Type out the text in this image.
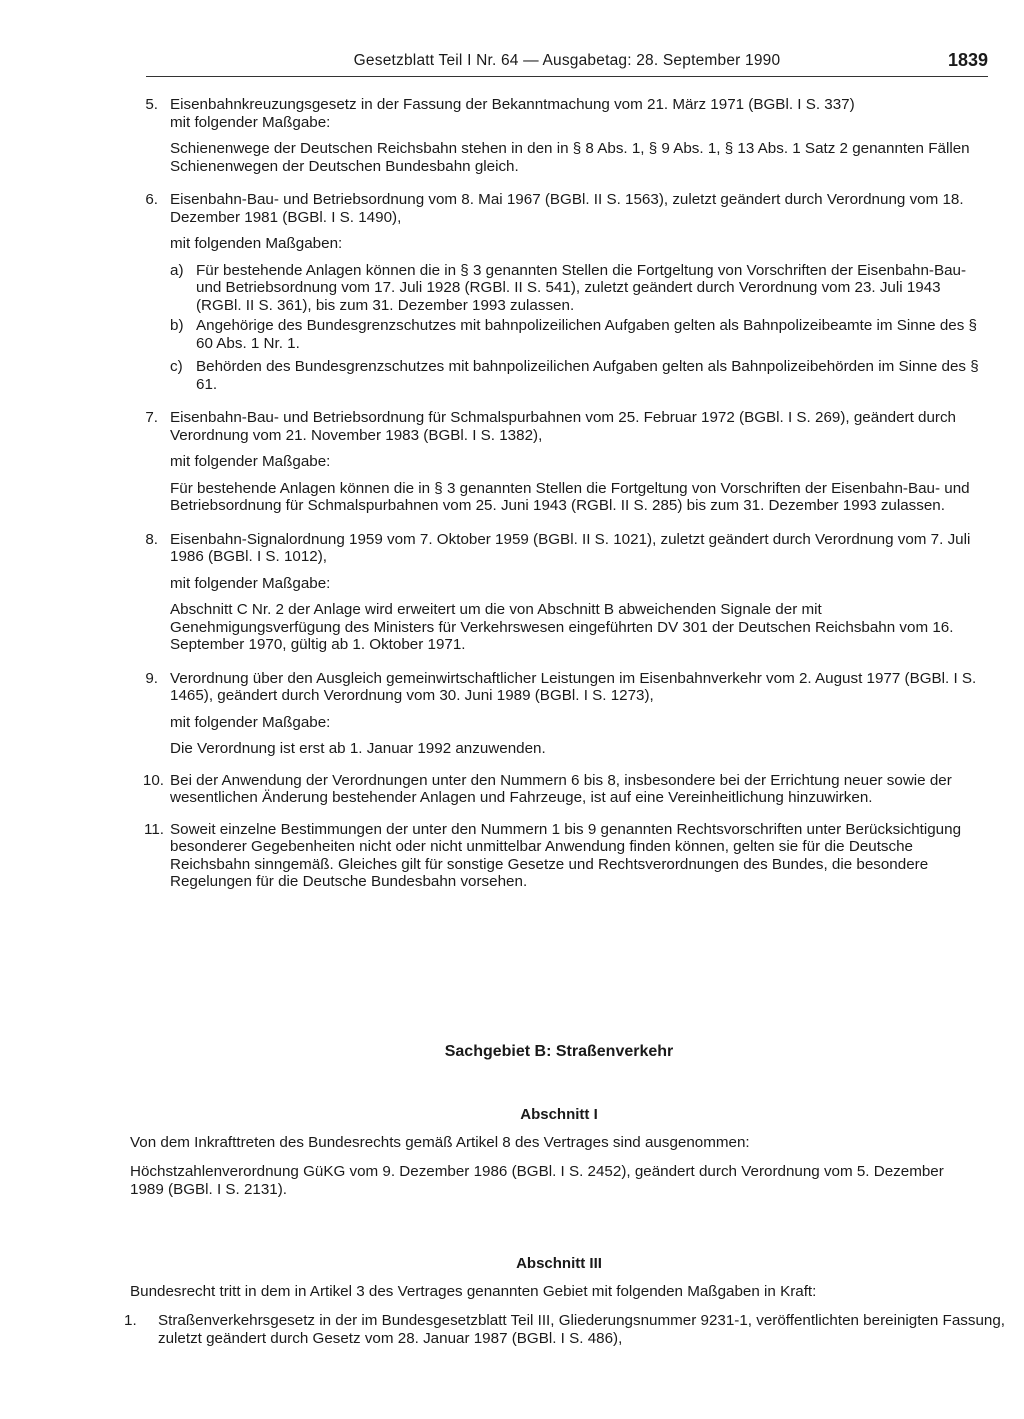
Gesetzblatt Teil I Nr. 64 — Ausgabetag: 28. September 1990	1839
5. Eisenbahnkreuzungsgesetz in der Fassung der Bekanntmachung vom 21. März 1971 (BGBl. I S. 337)

mit folgender Maßgabe:

Schienenwege der Deutschen Reichsbahn stehen in den in § 8 Abs. 1, § 9 Abs. 1, § 13 Abs. 1 Satz 2 genannten Fällen Schienenwegen der Deutschen Bundesbahn gleich.

6. Eisenbahn-Bau- und Betriebsordnung vom 8. Mai 1967 (BGBl. II S. 1563), zuletzt geändert durch Verordnung vom 18. Dezember 1981 (BGBl. I S. 1490),

mit folgenden Maßgaben:

a) Für bestehende Anlagen können die in § 3 genannten Stellen die Fortgeltung von Vorschriften der Eisenbahn-Bau- und Betriebsordnung vom 17. Juli 1928 (RGBl. II S. 541), zuletzt geändert durch Verordnung vom 23. Juli 1943 (RGBl. II S. 361), bis zum 31. Dezember 1993 zulassen.

b) Angehörige des Bundesgrenzschutzes mit bahnpolizeilichen Aufgaben gelten als Bahnpolizeibeamte im Sinne des § 60 Abs. 1 Nr. 1.

c) Behörden des Bundesgrenzschutzes mit bahnpolizeilichen Aufgaben gelten als Bahnpolizeibehörden im Sinne des § 61.

7. Eisenbahn-Bau- und Betriebsordnung für Schmalspurbahnen vom 25. Februar 1972 (BGBl. I S. 269), geändert durch Verordnung vom 21. November 1983 (BGBl. I S. 1382),

mit folgender Maßgabe:

Für bestehende Anlagen können die in § 3 genannten Stellen die Fortgeltung von Vorschriften der Eisenbahn-Bau- und Betriebsordnung für Schmalspurbahnen vom 25. Juni 1943 (RGBl. II S. 285) bis zum 31. Dezember 1993 zulassen.

8. Eisenbahn-Signalordnung 1959 vom 7. Oktober 1959 (BGBl. II S. 1021), zuletzt geändert durch Verordnung vom 7. Juli 1986 (BGBl. I S. 1012),

mit folgender Maßgabe:

Abschnitt C Nr. 2 der Anlage wird erweitert um die von Abschnitt B abweichenden Signale der mit Genehmigungsverfügung des Ministers für Verkehrswesen eingeführten DV 301 der Deutschen Reichsbahn vom 16. September 1970, gültig ab 1. Oktober 1971.

9. Verordnung über den Ausgleich gemeinwirtschaftlicher Leistungen im Eisenbahnverkehr vom 2. August 1977 (BGBl. I S. 1465), geändert durch Verordnung vom 30. Juni 1989 (BGBl. I S. 1273),

mit folgender Maßgabe:

Die Verordnung ist erst ab 1. Januar 1992 anzuwenden.

10. Bei der Anwendung der Verordnungen unter den Nummern 6 bis 8, insbesondere bei der Errichtung neuer sowie der wesentlichen Änderung bestehender Anlagen und Fahrzeuge, ist auf eine Vereinheitlichung hinzuwirken.

11. Soweit einzelne Bestimmungen der unter den Nummern 1 bis 9 genannten Rechtsvorschriften unter Berücksichtigung besonderer Gegebenheiten nicht oder nicht unmittelbar Anwendung finden können, gelten sie für die Deutsche Reichsbahn sinngemäß. Gleiches gilt für sonstige Gesetze und Rechtsverordnungen des Bundes, die besondere Regelungen für die Deutsche Bundesbahn vorsehen.

Sachgebiet B: Straßenverkehr
Abschnitt I
Von dem Inkrafttreten des Bundesrechts gemäß Artikel 8 des Vertrages sind ausgenommen:
Höchstzahlenverordnung GüKG vom 9. Dezember 1986 (BGBl. I S. 2452), geändert durch Verordnung vom 5. Dezember 1989 (BGBl. I S. 2131).
Abschnitt III
Bundesrecht tritt in dem in Artikel 3 des Vertrages genannten Gebiet mit folgenden Maßgaben in Kraft:
1.	Straßenverkehrsgesetz in der im Bundesgesetzblatt Teil III, Gliederungsnummer 9231-1, veröffentlichten bereinigten Fassung, zuletzt geändert durch Gesetz vom 28. Januar 1987 (BGBl. I S. 486),
